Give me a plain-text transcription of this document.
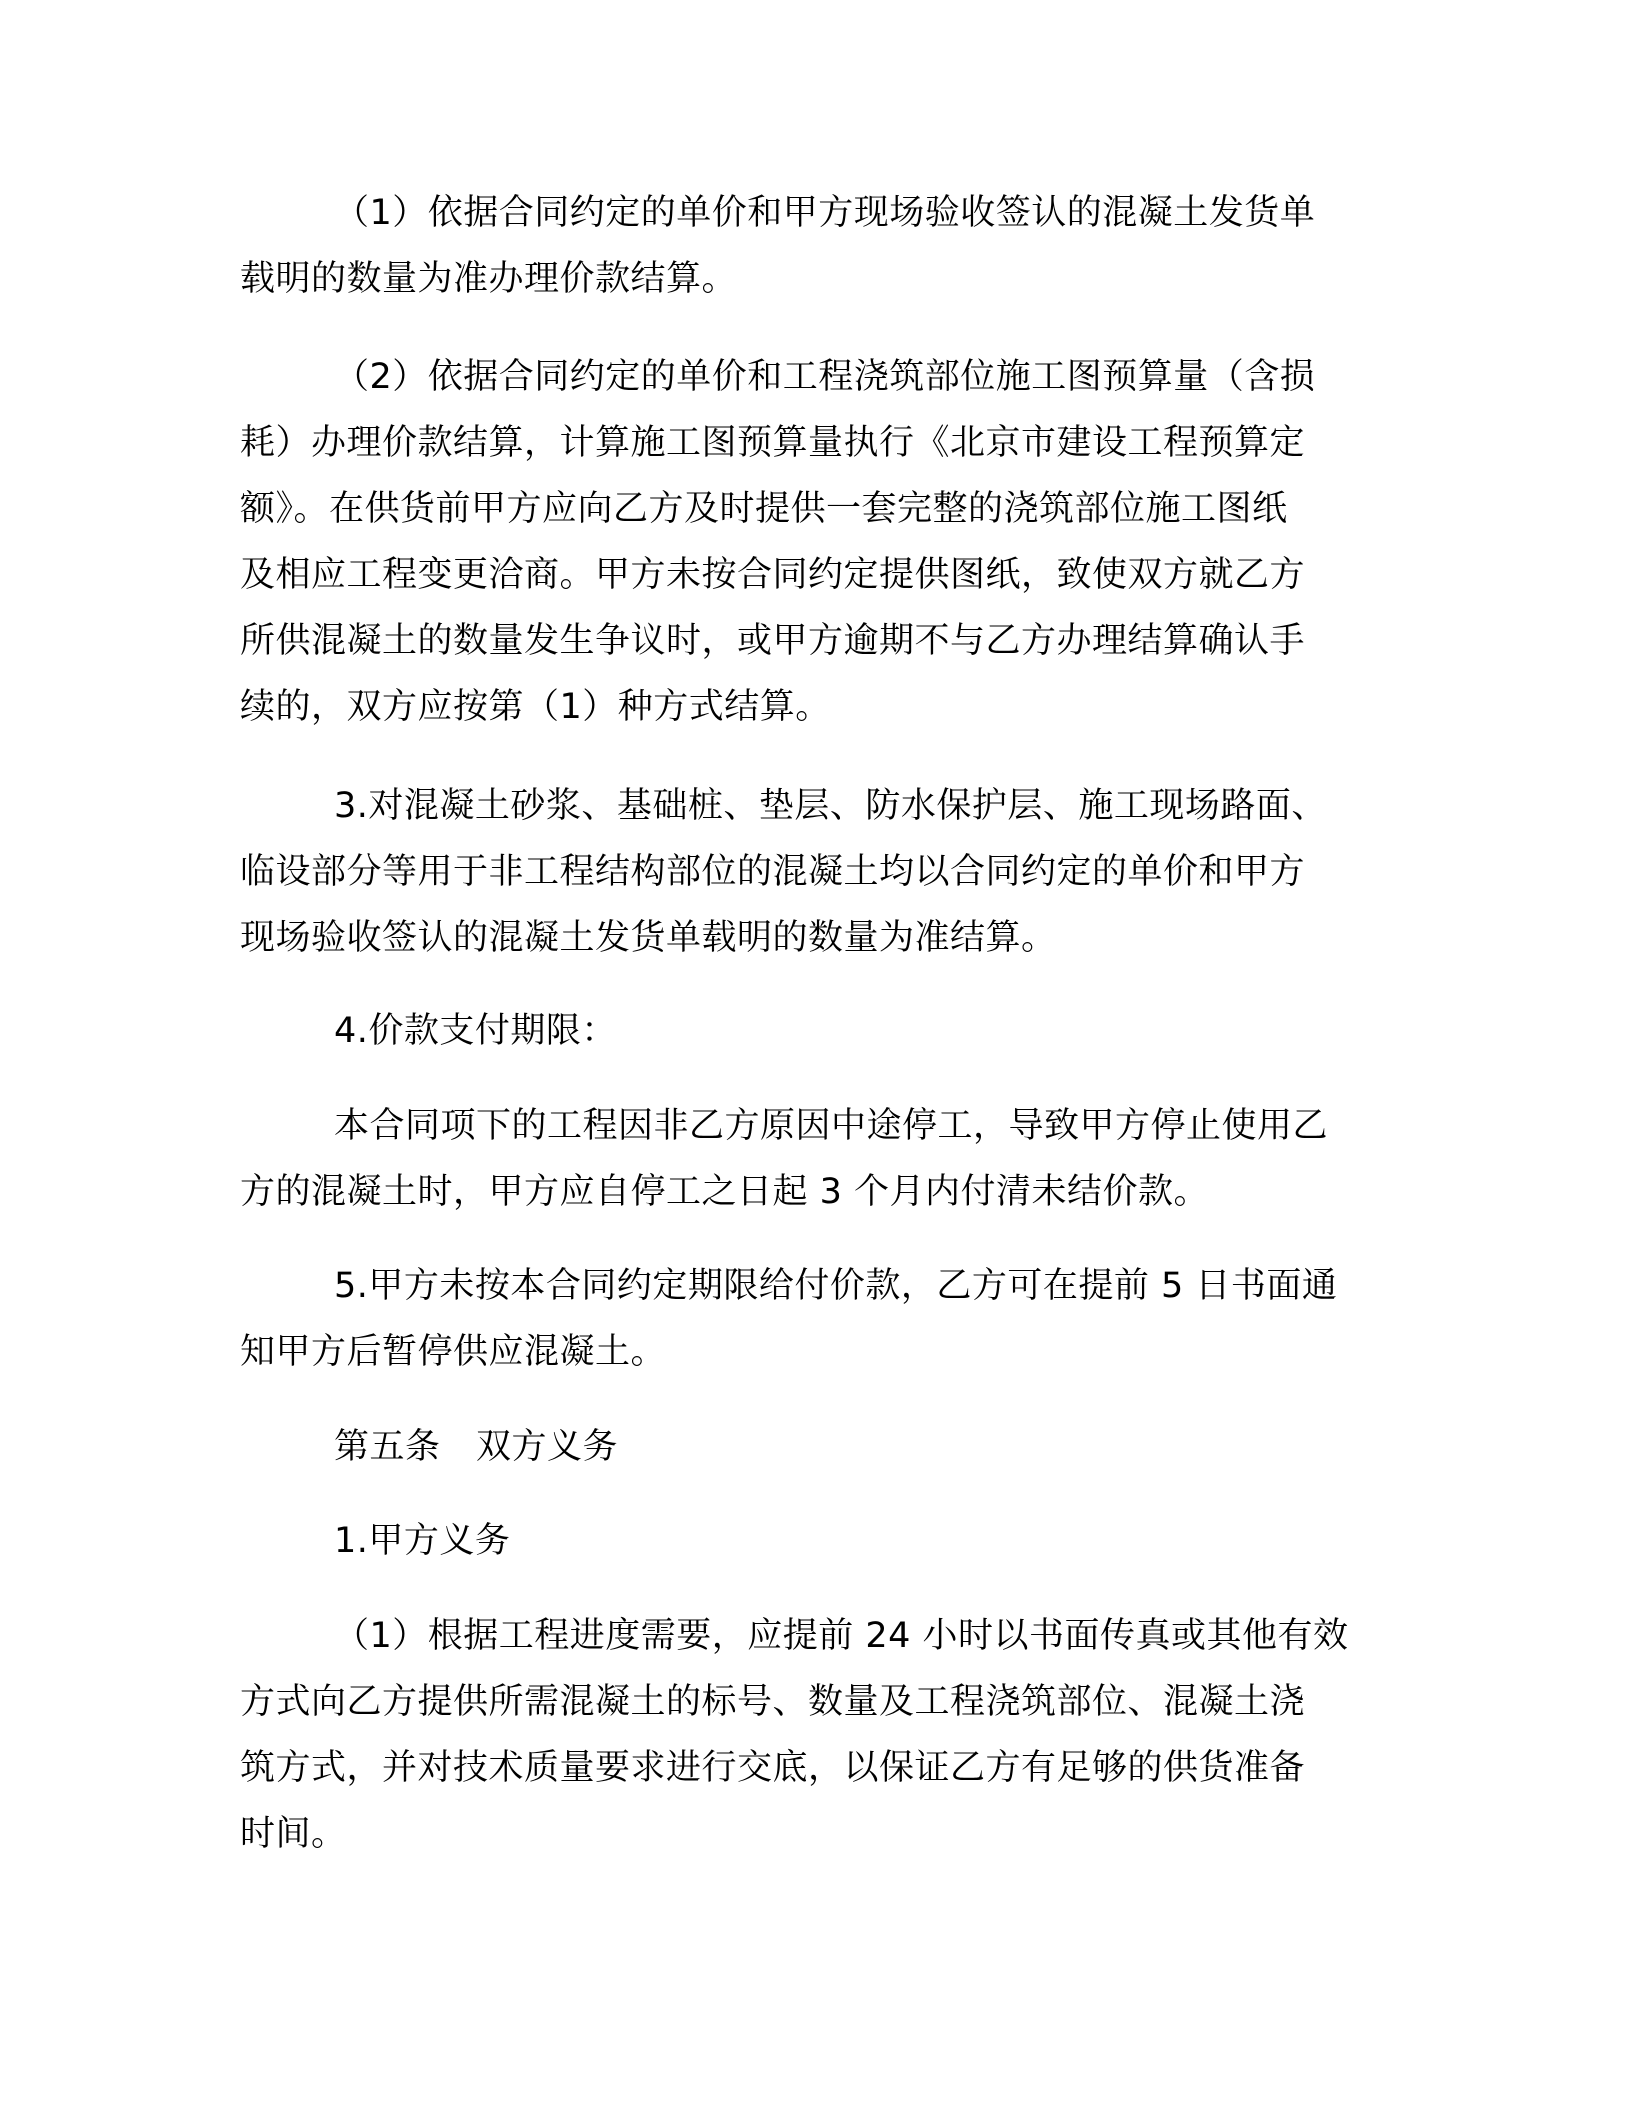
（1）依据合同约定的单价和甲方现场验收签认的混凝土发货单
载明的数量为准办理价款结算。
（2）依据合同约定的单价和工程浇筑部位施工图预算量（含损
耗）办理价款结算，计算施工图预算量执行《北京市建设工程预算定
额》。在供货前甲方应向乙方及时提供一套完整的浇筑部位施工图纸
及相应工程变更洽商。甲方未按合同约定提供图纸，致使双方就乙方
所供混凝土的数量发生争议时，或甲方逾期不与乙方办理结算确认手
续的，双方应按第（1）种方式结算。
3.对混凝土砂浆、基础桩、垫层、防水保护层、施工现场路面、
临设部分等用于非工程结构部位的混凝土均以合同约定的单价和甲方
现场验收签认的混凝土发货单载明的数量为准结算。
4.价款支付期限：
本合同项下的工程因非乙方原因中途停工，导致甲方停止使用乙
方的混凝土时，甲方应自停工之日起 3 个月内付清未结价款。
5.甲方未按本合同约定期限给付价款，乙方可在提前 5 日书面通
知甲方后暂停供应混凝土。
第五条　双方义务
1.甲方义务
（1）根据工程进度需要，应提前 24 小时以书面传真或其他有效
方式向乙方提供所需混凝土的标号、数量及工程浇筑部位、混凝土浇
筑方式，并对技术质量要求进行交底，以保证乙方有足够的供货准备
时间。
